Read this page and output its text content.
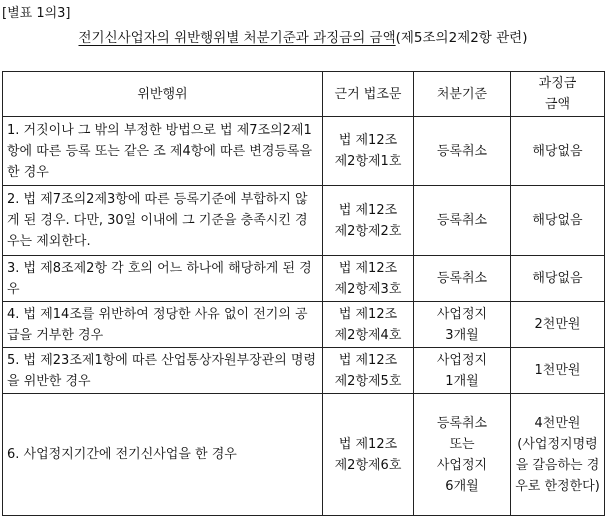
[별표 1의3]
전기신사업자의 위반행위별 처분기준과 과징금의 금액(제5조의2제2항 관련)
위반행위	근거 법조문	처분기준	과징금
금액

1. 거짓이나 그 밖의 부정한 방법으로 법 제7조의2제1항에 따른 등록 또는 같은 조 제4항에 따른 변경등록을 한 경우	법 제12조
제2항제1호	등록취소	해당없음

2. 법 제7조의2제3항에 따른 등록기준에 부합하지 않게 된 경우. 다만, 30일 이내에 그 기준을 충족시킨 경우는 제외한다.	법 제12조
제2항제2호	등록취소	해당없음

3. 법 제8조제2항 각 호의 어느 하나에 해당하게 된 경우	법 제12조
제2항제3호	등록취소	해당없음

4. 법 제14조를 위반하여 정당한 사유 없이 전기의 공급을 거부한 경우	법 제12조
제2항제4호	사업정지
3개월	2천만원

5. 법 제23조제1항에 따른 산업통상자원부장관의 명령을 위반한 경우	법 제12조
제2항제5호	사업정지
1개월	1천만원

6. 사업정지기간에 전기신사업을 한 경우	법 제12조
제2항제6호	등록취소
또는
사업정지
6개월	4천만원
(사업정지명령을 갈음하는 경우로 한정한다)
